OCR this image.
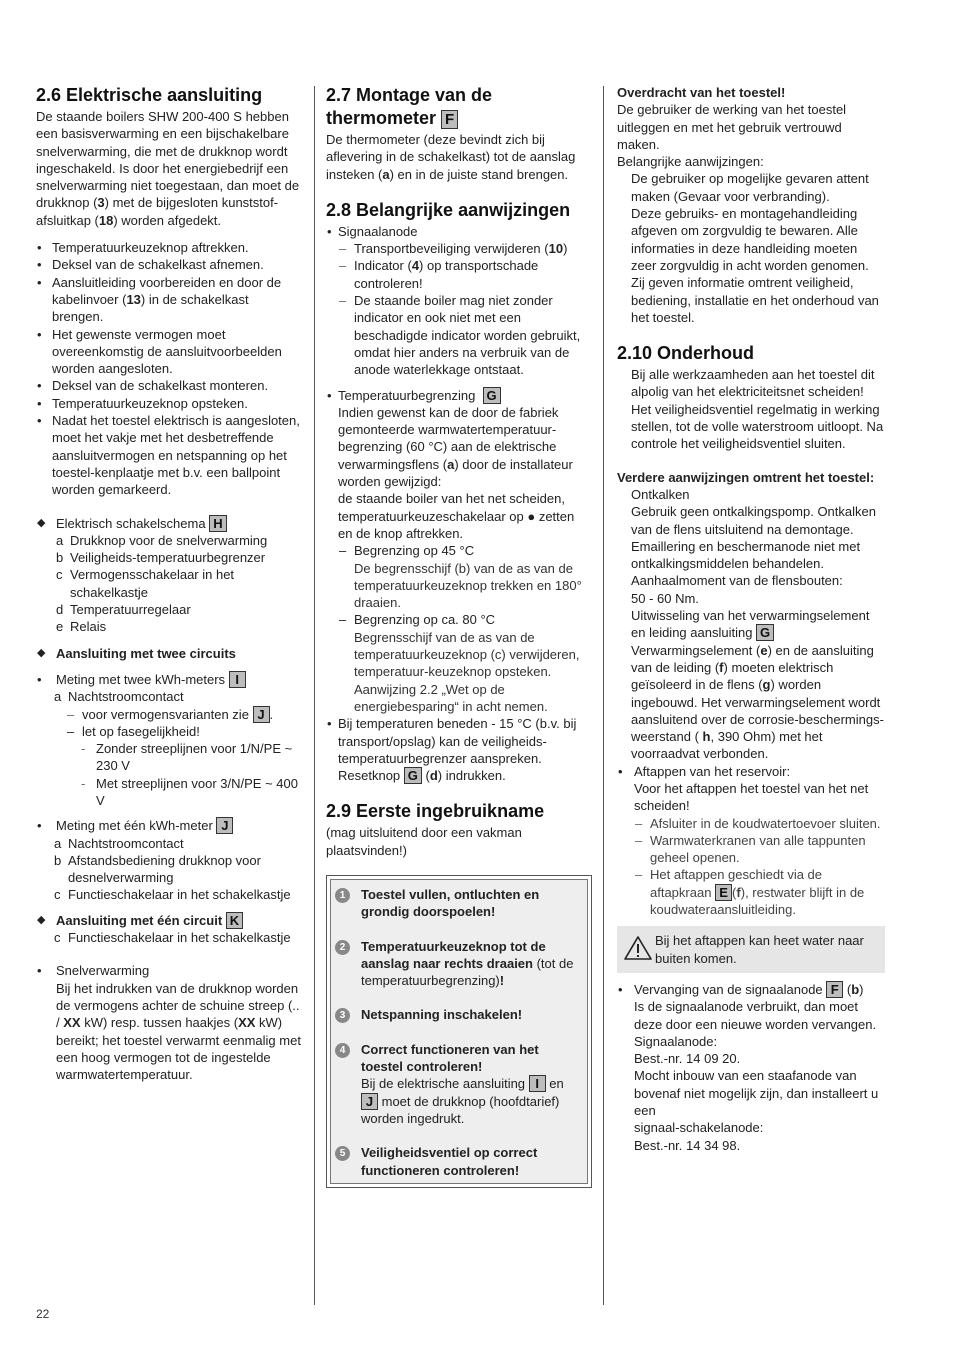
2.6 Elektrische aansluiting

De staande boilers SHW 200-400 S hebben een basisverwarming en een bijschakelbare snelverwarming, die met de drukknop wordt ingeschakeld. Is door het energiebedrijf een snelverwarming niet toegestaan, dan moet de drukknop (3) met de bijgesloten kunststof-afsluitkap (18) worden afgedekt.

• Temperatuurkeuzeknop aftrekken.
• Deksel van de schakelkast afnemen.
• Aansluitleiding voorbereiden en door de kabelinvoer (13) in de schakelkast brengen.
• Het gewenste vermogen moet overeenkomstig de aansluitvoorbeelden worden aangesloten.
• Deksel van de schakelkast monteren.
• Temperatuurkeuzeknop opsteken.
• Nadat het toestel elektrisch is aangesloten, moet het vakje met het desbetreffende aansluitvermogen en netspanning op het toestel-kenplaatje met b.v. een ballpoint worden gemarkeerd.
◆ Elektrisch schakelschema H
a Drukknop voor de snelverwarming
b Veiligheids-temperatuurbegrenzer
c Vermogensschakelaar in het schakelkastje
d Temperatuurregelaar
e Relais
◆ Aansluiting met twee circuits
• Meting met twee kWh-meters I
a Nachtstroomcontact
– voor vermogensvarianten zie J .
– let op fasegelijkheid!
- Zonder streeplijnen voor 1/N/PE ~ 230 V
- Met streeplijnen voor 3/N/PE ~ 400 V
• Meting met één kWh-meter J
a Nachtstroomcontact
b Afstandsbediening drukknop voor desnelverwarming
c Functieschakelaar in het schakelkastje
◆ Aansluiting met één circuit K
c Functieschakelaar in het schakelkastje
• Snelverwarming
Bij het indrukken van de drukknop worden de vermogens achter de schuine streep (.. / XX kW) resp. tussen haakjes (XX kW) bereikt; het toestel verwarmt eenmalig met een hoog vermogen tot de ingestelde warmwatertemperatuur.
2.7 Montage van de thermometer F

De thermometer (deze bevindt zich bij aflevering in de schakelkast) tot de aanslag insteken (a) en in de juiste stand brengen.

2.8 Belangrijke aanwijzingen
• Signaalanode
– Transportbeveiliging verwijderen (10)
– Indicator (4) op transportschade controleren!
– De staande boiler mag niet zonder indicator en ook niet met een beschadigde indicator worden gebruikt, omdat hier anders na verbruik van de anode waterlekkage ontstaat.
• Temperatuurbegrenzing G
Indien gewenst kan de door de fabriek gemonteerde warmwatertemperatuur-begrenzing (60 °C) aan de elektrische verwarmingsflens (a) door de installateur worden gewijzigd:
de staande boiler van het net scheiden, temperatuurkeuzeschakelaar op ● zetten en de knop aftrekken.
– Begrenzing op 45 °C
De begrensschijf (b) van de as van de temperatuurkeuzeknop trekken en 180° draaien.
– Begrenzing op ca. 80 °C
Begrensschijf van de as van de temperatuurkeuzeknop (c) verwijderen, temperatuur-keuzeknop opsteken. Aanwijzing 2.2 „Wet op de energiebesparing“ in acht nemen.
• Bij temperaturen beneden - 15 °C (b.v. bij transport/opslag) kan de veiligheids-temperatuurbegrenzer aanspreken. Resetknop G (d) indrukken.
2.9 Eerste ingebruikname

(mag uitsluitend door een vakman plaatsvinden!)

1	Toestel vullen, ontluchten en grondig doorspoelen!
2	Temperatuurkeuzeknop tot de aanslag naar rechts draaien (tot de temperatuurbegrenzing)!
3	Netspanning inschakelen!
4	Correct functioneren van het toestel controleren!
Bij de elektrische aansluiting I en J moet de drukknop (hoofdtarief) worden ingedrukt.
5	Veiligheidsventiel op correct functioneren controleren!

Overdracht van het toestel!

De gebruiker de werking van het toestel uitleggen en met het gebruik vertrouwd maken.

Belangrijke aanwijzingen:

De gebruiker op mogelijke gevaren attent maken (Gevaar voor verbranding).

Deze gebruiks- en montagehandleiding afgeven om zorgvuldig te bewaren. Alle informaties in deze handleiding moeten zeer zorgvuldig in acht worden genomen. Zij geven informatie omtrent veiligheid, bediening, installatie en het onderhoud van het toestel.

2.10 Onderhoud

Bij alle werkzaamheden aan het toestel dit alpolig van het elektriciteitsnet scheiden! Het veiligheidsventiel regelmatig in werking stellen, tot de volle waterstroom uitloopt. Na controle het veiligheidsventiel sluiten.

Verdere aanwijzingen omtrent het toestel:

Ontkalken

Gebruik geen ontkalkingspomp. Ontkalken van de flens uitsluitend na demontage. Emaillering en beschermanode niet met ontkalkingsmiddelen behandelen.

Aanhaalmoment van de flensbouten:

50 - 60 Nm.

Uitwisseling van het verwarmingselement en leiding aansluiting G
Verwarmingselement (e) en de aansluiting van de leiding (f) moeten elektrisch geïsoleerd in de flens (g) worden ingebouwd. Het verwarmingselement wordt aansluitend over de corrosie-beschermings-weerstand ( h, 390 Ohm) met het voorraadvat verbonden.

• Aftappen van het reservoir:
Voor het aftappen het toestel van het net scheiden!
– Afsluiter in de koudwatertoevoer sluiten.
– Warmwaterkranen van alle tappunten geheel openen.
– Het aftappen geschiedt via de aftapkraan E (f), restwater blijft in de koudwateraansluitleiding.
Bij het aftappen kan heet water naar buiten komen.
• Vervanging van de signaalanode F (b)
Is de signaalanode verbruikt, dan moet deze door een nieuwe worden vervangen.
Signaalanode:
Best.-nr. 14 09 20.
Mocht inbouw van een staafanode van bovenaf niet mogelijk zijn, dan installeert u een
signaal-schakelanode:
Best.-nr. 14 34 98.
22
